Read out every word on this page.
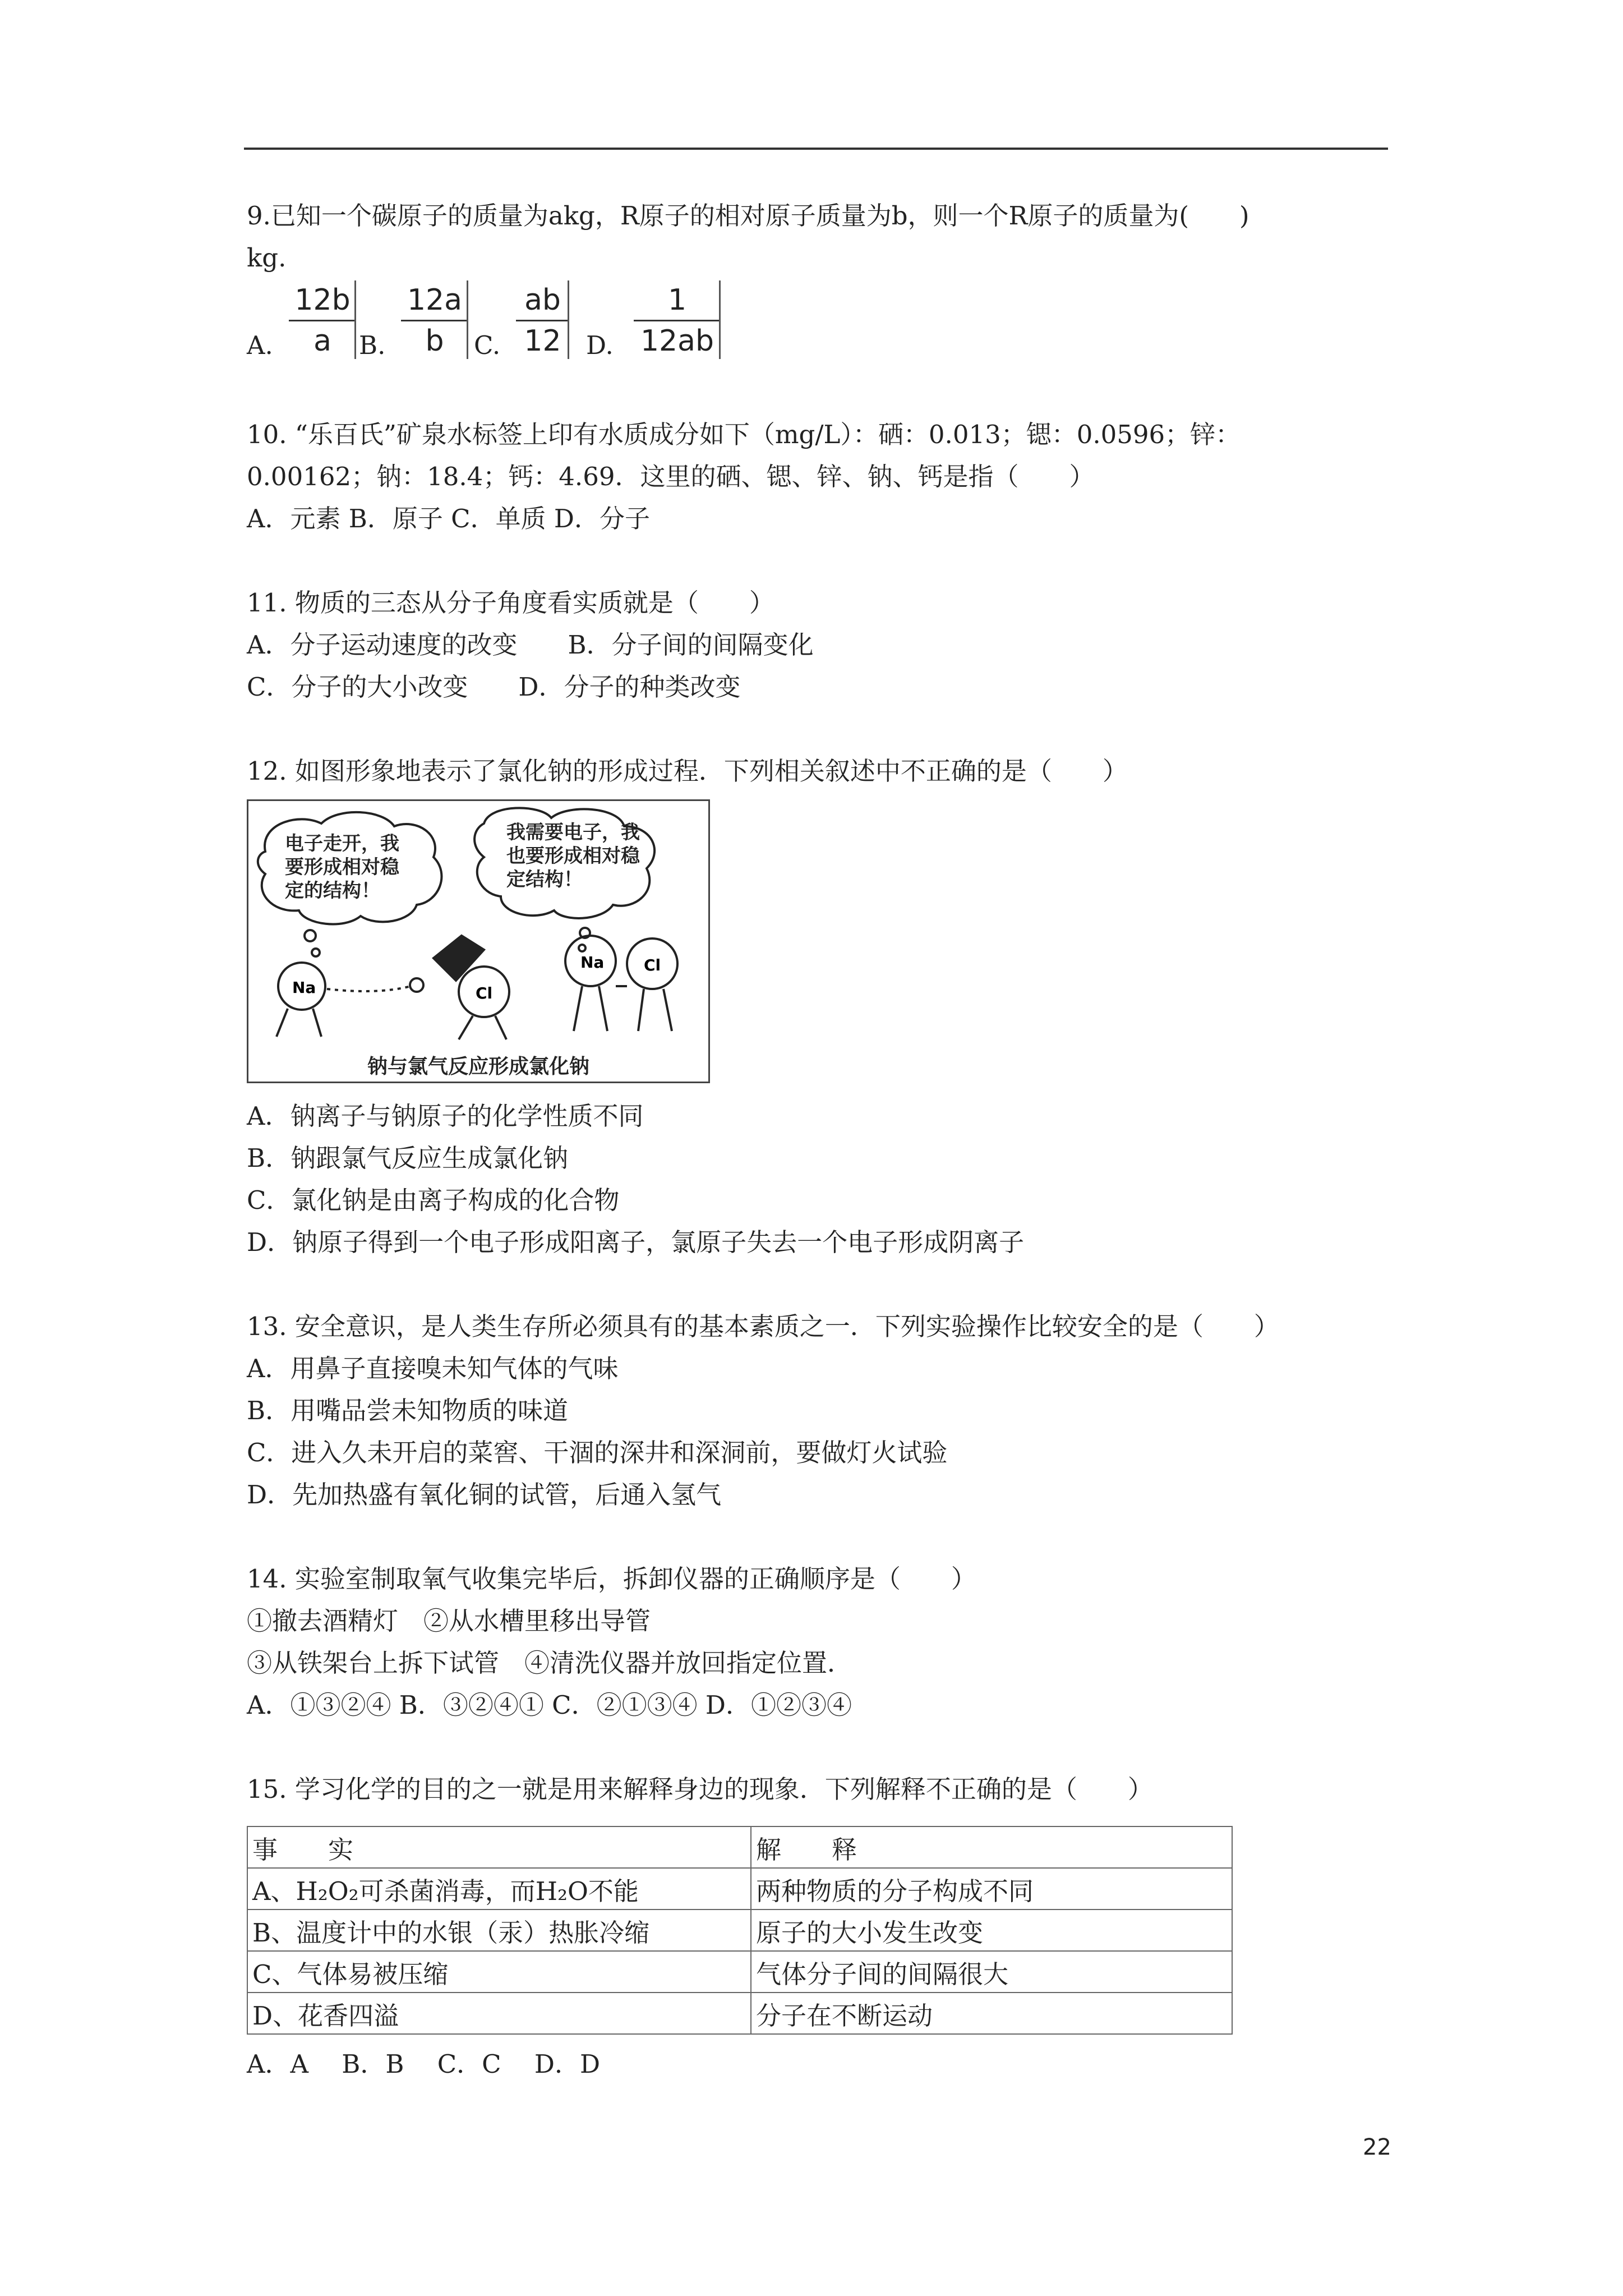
9.已知一个碳原子的质量为akg，R原子的相对原子质量为b，则一个R原子的质量为(　　)
kg.
A.
12b
a	B.
12a
b	C.
ab
12 D.
1
12ab
10. “乐百氏”矿泉水标签上印有水质成分如下（mg/L）：硒：0.013；锶：0.0596；锌：
0.00162；钠：18.4；钙：4.69．这里的硒、锶、锌、钠、钙是指（　　）
A．元素 B．原子 C．单质 D．分子
11. 物质的三态从分子角度看实质就是（　　）
A．分子运动速度的改变　　B．分子间的间隔变化
C．分子的大小改变　　D．分子的种类改变
12. 如图形象地表示了氯化钠的形成过程．下列相关叙述中不正确的是（　　）
Na	Cl
Na	Cl
电子走开，我
要形成相对稳
定的结构！
我需要电子，我
也要形成相对稳
定结构！
钠与氯气反应形成氯化钠
A．钠离子与钠原子的化学性质不同
B．钠跟氯气反应生成氯化钠
C．氯化钠是由离子构成的化合物
D．钠原子得到一个电子形成阳离子，氯原子失去一个电子形成阴离子
13. 安全意识，是人类生存所必须具有的基本素质之一．下列实验操作比较安全的是（　　）
A．用鼻子直接嗅未知气体的气味
B．用嘴品尝未知物质的味道
C．进入久未开启的菜窖、干涸的深井和深洞前，要做灯火试验
D．先加热盛有氧化铜的试管，后通入氢气
14. 实验室制取氧气收集完毕后，拆卸仪器的正确顺序是（　　）
①撤去酒精灯　②从水槽里移出导管
③从铁架台上拆下试管　④清洗仪器并放回指定位置．
A．①③②④ B．③②④① C．②①③④ D．①②③④
15. 学习化学的目的之一就是用来解释身边的现象．下列解释不正确的是（　　）
事　　实	解　　释
A、H₂O₂可杀菌消毒，而H₂O不能	两种物质的分子构成不同
B、温度计中的水银（汞）热胀冷缩	原子的大小发生改变
C、气体易被压缩	气体分子间的间隔很大
D、花香四溢	分子在不断运动
A．A　 B．B　 C．C　 D．D
22
